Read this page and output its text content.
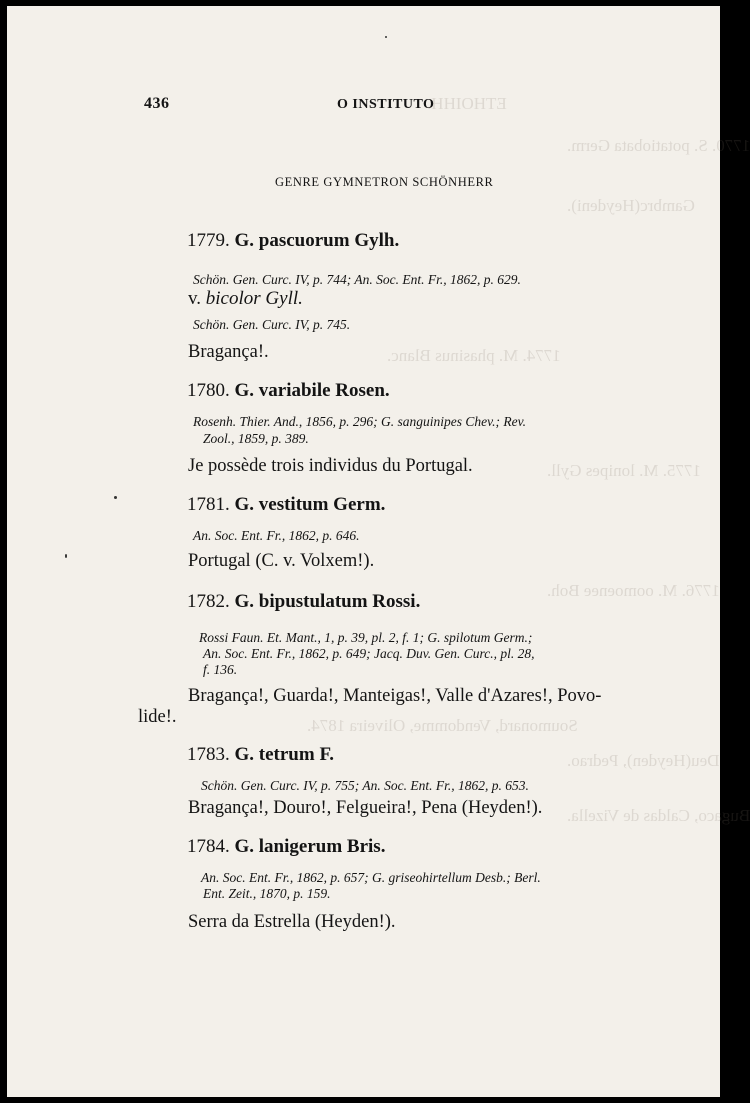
ETHOIHH.
1770. S. potatiobata Germ.
Gambrc(Heydeni).
1774. M. phasinus Blanc.
1775. M. lonipes Gyll.
1776. M. oomoenee Boh.
Soumonard, Vendomme, Oliveira 1874.
Deu(Heyden), Pedrao.
Bugaco, Caldas de Vizella.
436	O INSTITUTO
GENRE GYMNETRON SCHÖNHERR
1779. G. pascuorum Gylh.
Schön. Gen. Curc. IV, p. 744; An. Soc. Ent. Fr., 1862, p. 629.
v. bicolor Gyll.
Schön. Gen. Curc. IV, p. 745.
Bragança!.
1780. G. variabile Rosen.
Rosenh. Thier. And., 1856, p. 296; G. sanguinipes Chev.; Rev.
Zool., 1859, p. 389.
Je possède trois individus du Portugal.
1781. G. vestitum Germ.
An. Soc. Ent. Fr., 1862, p. 646.
Portugal (C. v. Volxem!).
1782. G. bipustulatum Rossi.
Rossi Faun. Et. Mant., 1, p. 39, pl. 2, f. 1; G. spilotum Germ.;
An. Soc. Ent. Fr., 1862, p. 649; Jacq. Duv. Gen. Curc., pl. 28,
f. 136.
Bragança!, Guarda!, Manteigas!, Valle d'Azares!, Povo-
lide!.
1783. G. tetrum F.
Schön. Gen. Curc. IV, p. 755; An. Soc. Ent. Fr., 1862, p. 653.
Bragança!, Douro!, Felgueira!, Pena (Heyden!).
1784. G. lanigerum Bris.
An. Soc. Ent. Fr., 1862, p. 657; G. griseohirtellum Desb.; Berl.
Ent. Zeit., 1870, p. 159.
Serra da Estrella (Heyden!).
